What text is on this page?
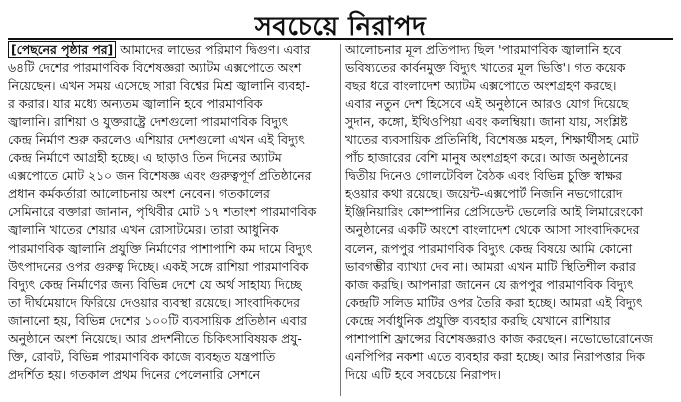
সবচেয়ে নিরাপদ
[পেছনের পৃষ্ঠার পর] আমাদের লাভের পরিমাণ দ্বিগুণ। এবার
৬৪টি দেশের পারমাণবিক বিশেষজ্ঞরা অ্যাটম এক্সপোতে অংশ
নিয়েছেন। এখন সময় এসেছে সারা বিশ্বের মিশ্র জ্বালানি ব্যবহা-
র করার। যার মধ্যে অন্যতম জ্বালানি হবে পারমাণবিক
জ্বালানি। রাশিয়া ও যুক্তরাষ্ট্রে দেশগুলো পারমাণবিক বিদ্যুৎ
কেন্দ্র নির্মাণ শুরু করলেও এশিয়ার দেশগুলো এখন এই বিদ্যুৎ
কেন্দ্র নির্মাণে আগ্রহী হচ্ছে। এ ছাড়াও তিন দিনের অ্যাটম
এক্সপোতে মোট ২১০ জন বিশেষজ্ঞ এবং গুরুত্বপূর্ণ প্রতিষ্ঠানের
প্রধান কর্মকর্তারা আলোচনায় অংশ নেবেন। গতকালের
সেমিনারে বক্তারা জানান, পৃথিবীর মোট ১৭ শতাংশ পারমাণবিক
জ্বালানি খাতের শেয়ার এখন রোসাটমের। তারা আধুনিক
পারমাণবিক জ্বালানি প্রযুক্তি নির্মাণের পাশাপাশি কম দামে বিদ্যুৎ
উৎপাদনের ওপর গুরুত্ব দিচ্ছে। একই সঙ্গে রাশিয়া পারমাণবিক
বিদ্যুৎ কেন্দ্র নির্মাণের জন্য বিভিন্ন দেশে যে অর্থ সাহায্য দিচ্ছে
তা দীর্ঘমেয়াদে ফিরিয়ে দেওয়ার ব্যবস্থা রয়েছে। সাংবাদিকদের
জানানো হয়, বিভিন্ন দেশের ১০০টি ব্যবসায়িক প্রতিষ্ঠান এবার
অনুষ্ঠানে অংশ নিয়েছে। আর প্রদর্শনীতে চিকিৎসাবিষয়ক প্রযু-
ক্তি, রোবট, বিভিন্ন পারমাণবিক কাজে ব্যবহৃত যন্ত্রপাতি
প্রদর্শিত হয়। গতকাল প্রথম দিনের পেলেনারি সেশনে
আলোচনার মূল প্রতিপাদ্য ছিল 'পারমাণবিক জ্বালানি হবে
ভবিষ্যতের কার্বনমুক্ত বিদ্যুৎ খাতের মূল ভিত্তি'। গত কয়েক
বছর ধরে বাংলাদেশ অ্যাটম এক্সপোতে অংশগ্রহণ করছে।
এবার নতুন দেশ হিসেবে এই অনুষ্ঠানে আরও যোগ দিয়েছে
সুদান, কঙ্গো, ইথিওপিয়া এবং কলম্বিয়া। জানা যায়, সংশ্লিষ্ট
খাতের ব্যবসায়িক প্রতিনিধি, বিশেষজ্ঞ মহল, শিক্ষার্থীসহ মোট
পাঁচ হাজারের বেশি মানুষ অংশগ্রহণ করে। আজ অনুষ্ঠানের
দ্বিতীয় দিনেও গোলটেবিল বৈঠক এবং বিভিন্ন চুক্তি স্বাক্ষর
হওয়ার কথা রয়েছে। জয়েন্ট-এক্সপোর্ট নিজনি নভগোরোদ
ইঞ্জিনিয়ারিং কোম্পানির প্রেসিডেন্ট ভেলেরি আই লিমারেংকো
অনুষ্ঠানের একটি অংশে বাংলাদেশ থেকে আসা সাংবাদিকদের
বলেন, রূপপুর পারমাণবিক বিদ্যুৎ কেন্দ্র বিষয়ে আমি কোনো
ভাবগম্ভীর ব্যাখ্যা দেব না। আমরা এখন মাটি স্থিতিশীল করার
কাজ করছি। আপনারা জানেন যে রূপপুর পারমাণবিক বিদ্যুৎ
কেন্দ্রটি সলিড মাটির ওপর তৈরি করা হচ্ছে। আমরা এই বিদ্যুৎ
কেন্দ্রে সর্বাধুনিক প্রযুক্তি ব্যবহার করছি যেখানে রাশিয়ার
পাশাপাশি ফ্রান্সের বিশেষজ্ঞরাও কাজ করছেন। নভোভোরোনেজ
এনপিপির নকশা এতে ব্যবহার করা হচ্ছে। আর নিরাপত্তার দিক
দিয়ে এটি হবে সবচেয়ে নিরাপদ।
